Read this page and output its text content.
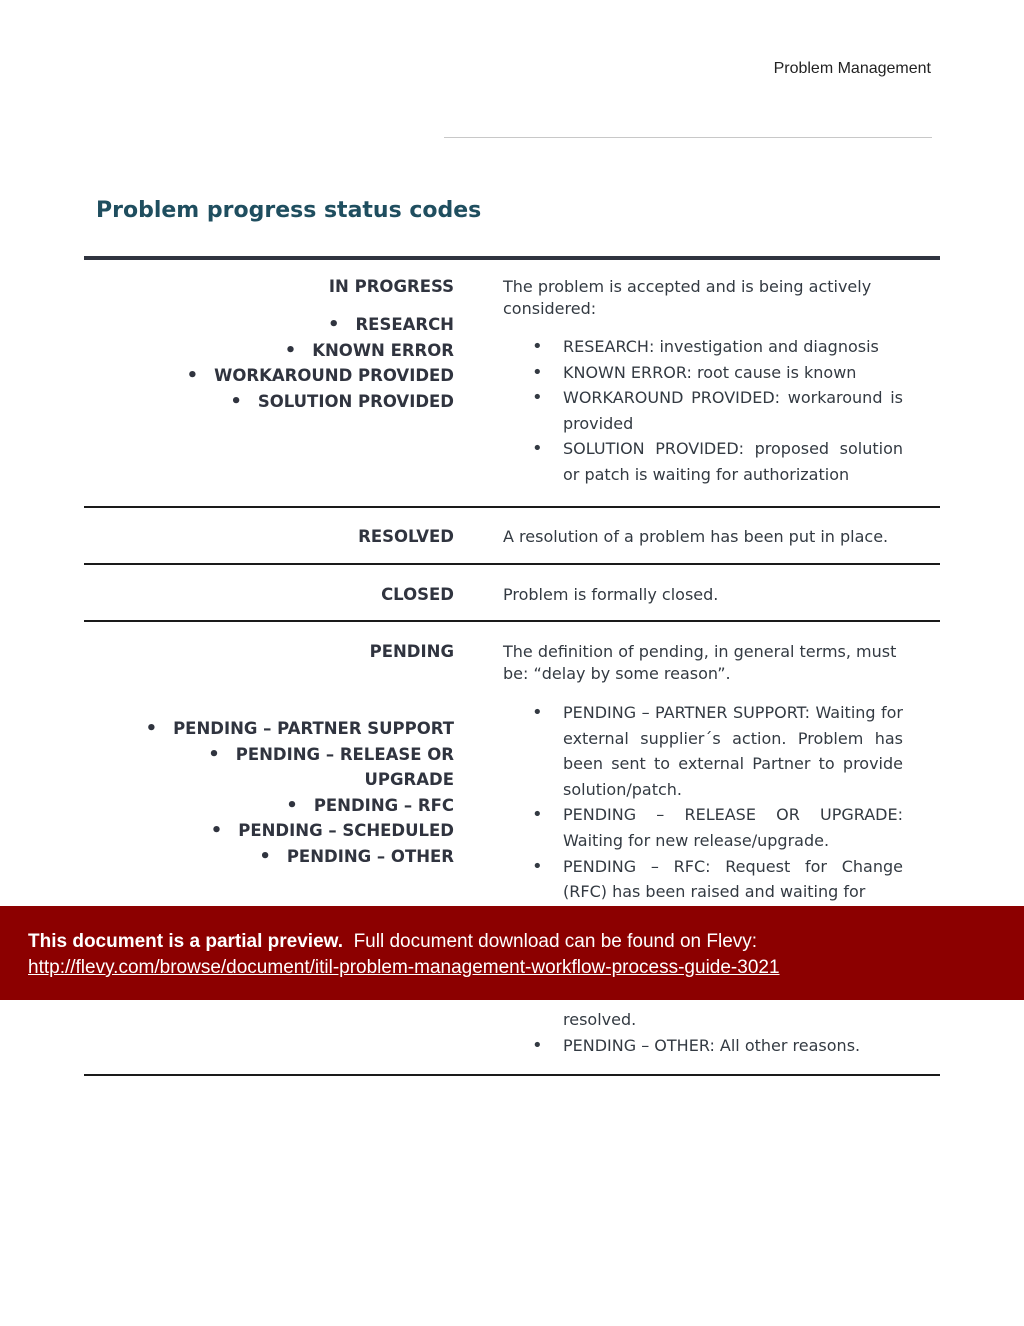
Problem Management
Problem progress status codes
IN PROGRESS
• RESEARCH
• KNOWN ERROR
• WORKAROUND PROVIDED
• SOLUTION PROVIDED
The problem is accepted and is being actively considered:
• RESEARCH: investigation and diagnosis
• KNOWN ERROR: root cause is known
• WORKAROUND PROVIDED: workaround is provided
• SOLUTION PROVIDED: proposed solution or patch is waiting for authorization
RESOLVED	A resolution of a problem has been put in place.
CLOSED	Problem is formally closed.
PENDING
• PENDING – PARTNER SUPPORT
• PENDING – RELEASE OR
UPGRADE
• PENDING – RFC
• PENDING – SCHEDULED
• PENDING – OTHER
The definition of pending, in general terms, must be: “delay by some reason”.
• PENDING – PARTNER SUPPORT: Waiting for external supplier´s action. Problem has been sent to external Partner to provide solution/patch.
• PENDING – RELEASE OR UPGRADE: Waiting for new release/upgrade.
• PENDING – RFC: Request for Change (RFC) has been raised and waiting for
resolved.
• PENDING – OTHER: All other reasons.
This document is a partial preview. Full document download can be found on Flevy:
http://flevy.com/browse/document/itil-problem-management-workflow-process-guide-3021
